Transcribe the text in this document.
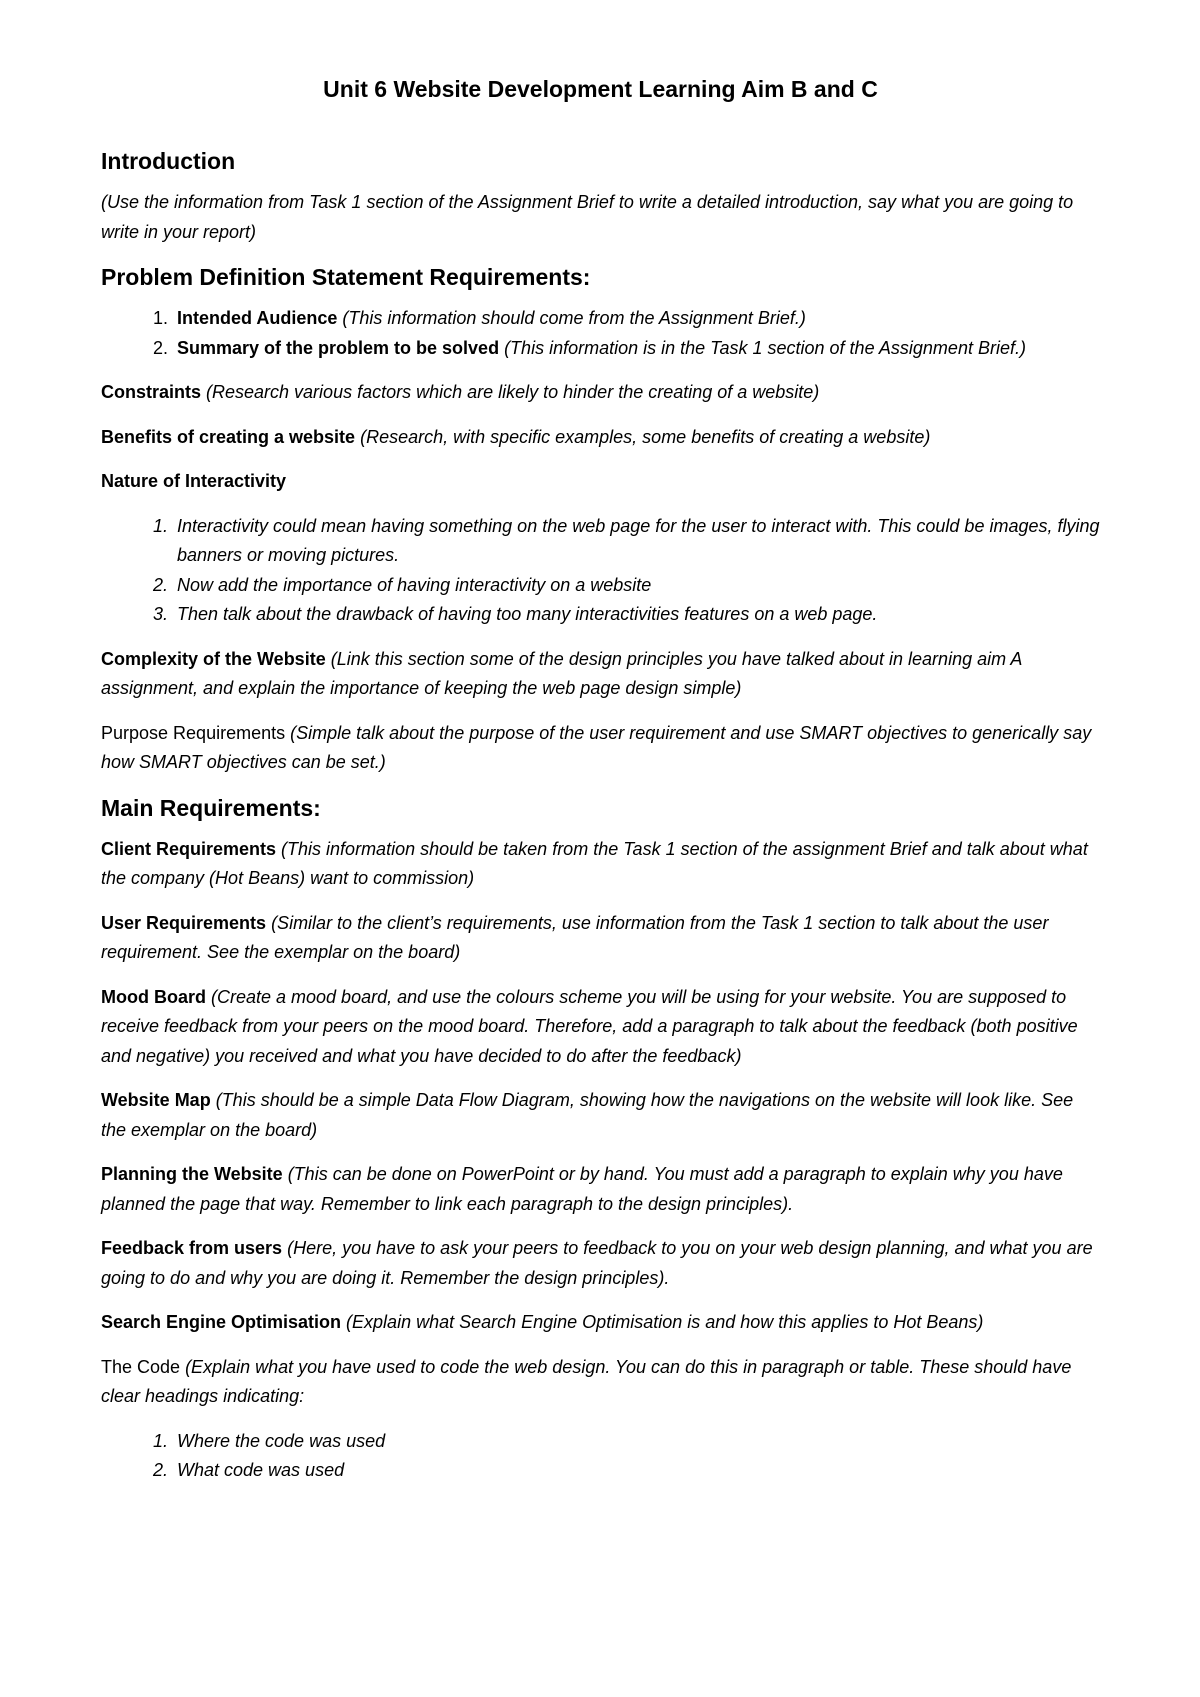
Unit 6 Website Development Learning Aim B and C
Introduction

(Use the information from Task 1 section of the Assignment Brief to write a detailed introduction, say what you are going to write in your report)

Problem Definition Statement Requirements:
1. Intended Audience (This information should come from the Assignment Brief.)
2. Summary of the problem to be solved (This information is in the Task 1 section of the Assignment Brief.)

Constraints (Research various factors which are likely to hinder the creating of a website)

Benefits of creating a website (Research, with specific examples, some benefits of creating a website)

Nature of Interactivity

1. Interactivity could mean having something on the web page for the user to interact with. This could be images, flying banners or moving pictures.
2. Now add the importance of having interactivity on a website
3. Then talk about the drawback of having too many interactivities features on a web page.

Complexity of the Website (Link this section some of the design principles you have talked about in learning aim A assignment, and explain the importance of keeping the web page design simple)

Purpose Requirements (Simple talk about the purpose of the user requirement and use SMART objectives to generically say how SMART objectives can be set.)

Main Requirements:

Client Requirements (This information should be taken from the Task 1 section of the assignment Brief and talk about what the company (Hot Beans) want to commission)

User Requirements (Similar to the client’s requirements, use information from the Task 1 section to talk about the user requirement. See the exemplar on the board)

Mood Board (Create a mood board, and use the colours scheme you will be using for your website. You are supposed to receive feedback from your peers on the mood board. Therefore, add a paragraph to talk about the feedback (both positive and negative) you received and what you have decided to do after the feedback)

Website Map (This should be a simple Data Flow Diagram, showing how the navigations on the website will look like. See the exemplar on the board)

Planning the Website (This can be done on PowerPoint or by hand. You must add a paragraph to explain why you have planned the page that way. Remember to link each paragraph to the design principles).

Feedback from users (Here, you have to ask your peers to feedback to you on your web design planning, and what you are going to do and why you are doing it. Remember the design principles).

Search Engine Optimisation (Explain what Search Engine Optimisation is and how this applies to Hot Beans)

The Code (Explain what you have used to code the web design. You can do this in paragraph or table. These should have clear headings indicating:

1. Where the code was used
2. What code was used
